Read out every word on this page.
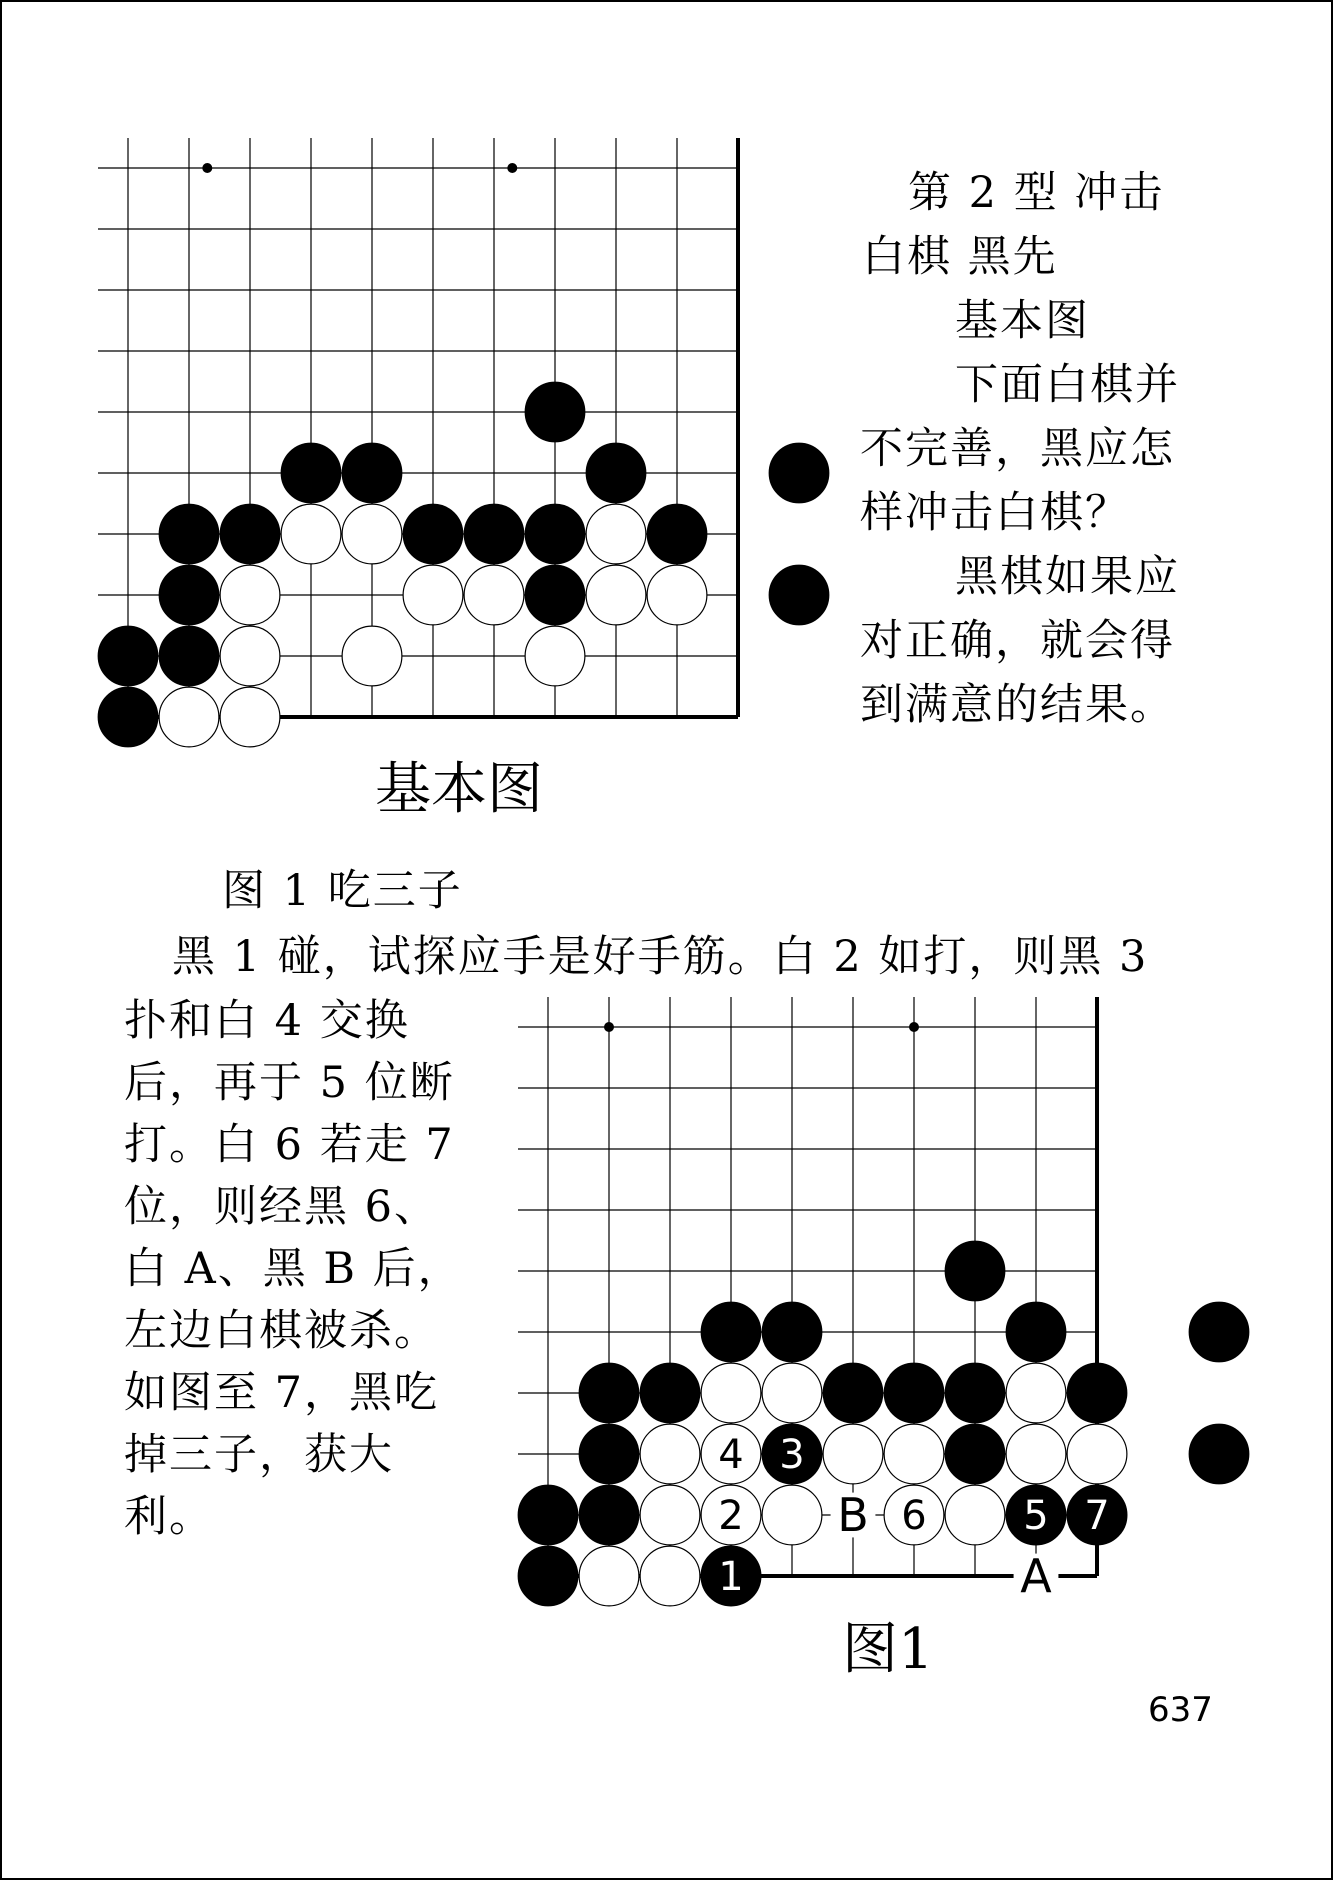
1
2
3
4
5
6	7
B
A
第 2 型 冲击
白棋 黑先
基本图
下面白棋并
不完善，黑应怎
样冲击白棋？
黑棋如果应
对正确，就会得
到满意的结果。
基本图
图 1 吃三子
黑 1 碰，试探应手是好手筋。白 2 如打，则黑 3
扑和白 4 交换
后，再于 5 位断
打。白 6 若走 7
位，则经黑 6、
白 A、黑 B 后，
左边白棋被杀。
如图至 7，黑吃
掉三子，获大
利。
图1
637
